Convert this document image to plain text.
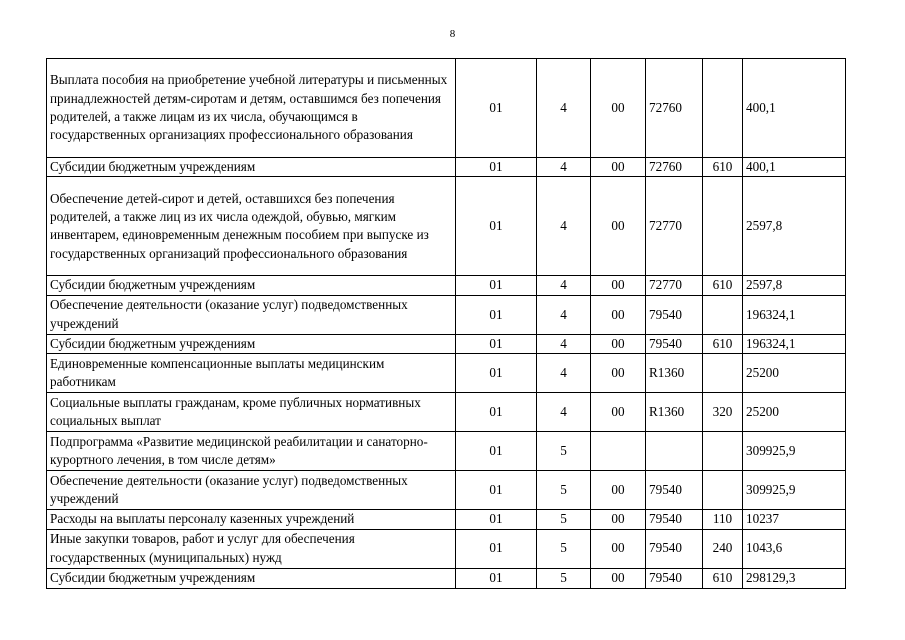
8
Выплата пособия на приобретение учебной литературы и письменных принадлежностей детям-сиротам и детям, оставшимся без попечения родителей, а также лицам из их числа, обучающимся в государственных организациях профессионального образования	01	4	00	72760		400,1
Субсидии бюджетным учреждениям	01	4	00	72760	610	400,1
Обеспечение детей-сирот и детей, оставшихся без попечения родителей, а также лиц из их числа одеждой, обувью, мягким инвентарем, единовременным денежным пособием при выпуске из государственных организаций профессионального образования	01	4	00	72770		2597,8
Субсидии бюджетным учреждениям	01	4	00	72770	610	2597,8
Обеспечение деятельности (оказание услуг) подведомственных учреждений	01	4	00	79540		196324,1
Субсидии бюджетным учреждениям	01	4	00	79540	610	196324,1
Единовременные компенсационные выплаты медицинским работникам	01	4	00	R1360		25200
Социальные выплаты гражданам, кроме публичных нормативных социальных выплат	01	4	00	R1360	320	25200
Подпрограмма «Развитие медицинской реабилитации и санаторно-курортного лечения, в том числе детям»	01	5				309925,9
Обеспечение деятельности (оказание услуг) подведомственных учреждений	01	5	00	79540		309925,9
Расходы на выплаты персоналу казенных учреждений	01	5	00	79540	110	10237
Иные закупки товаров, работ и услуг для обеспечения государственных (муниципальных) нужд	01	5	00	79540	240	1043,6
Субсидии бюджетным учреждениям	01	5	00	79540	610	298129,3
